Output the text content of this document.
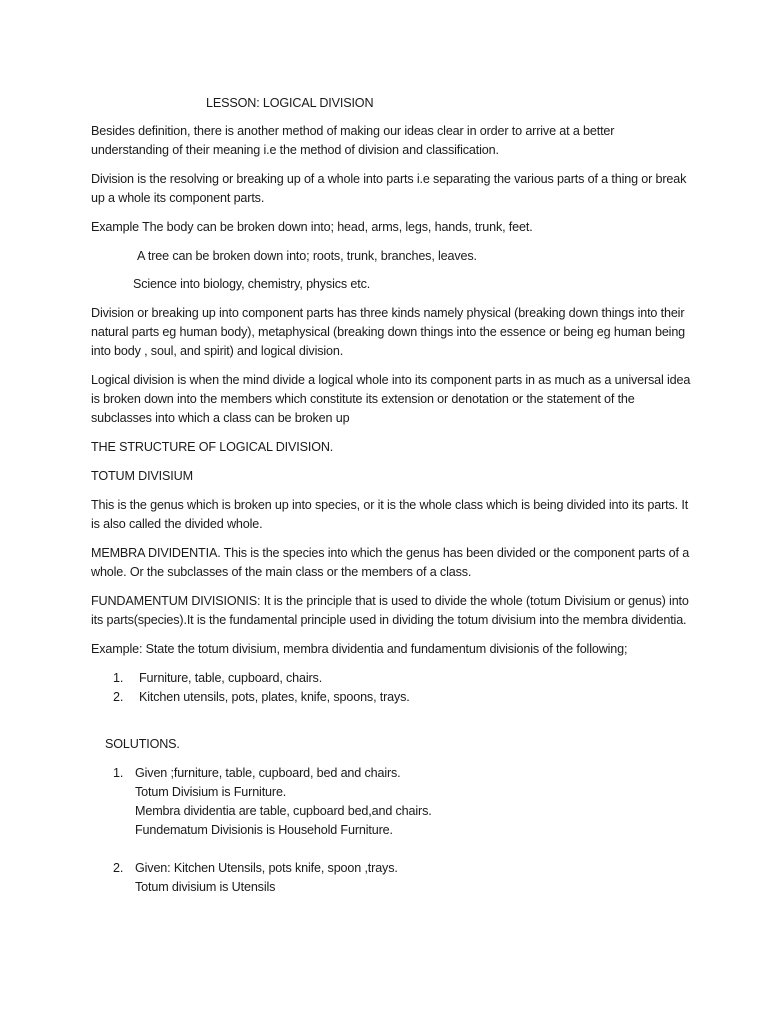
LESSON: LOGICAL DIVISION

Besides definition, there is another method of making our ideas clear in order to arrive at a better understanding of their meaning i.e the method of division and classification.

Division is the resolving or breaking up of a whole into parts i.e separating the various parts of a thing or break up a whole its component parts.

Example The body can be broken down into; head, arms, legs, hands, trunk, feet.

A tree can be broken down into; roots, trunk, branches, leaves.

Science into biology, chemistry, physics etc.

Division or breaking up into component parts has three kinds namely physical (breaking down things into their natural parts eg human body), metaphysical (breaking down things into the essence or being eg human being into body , soul, and spirit) and logical division.

Logical division is when the mind divide a logical whole into its component parts in as much as a universal idea is broken down into the members which constitute its extension or denotation or the statement of the subclasses into which a class can be broken up

THE STRUCTURE OF LOGICAL DIVISION.

TOTUM DIVISIUM

This is the genus which is broken up into species, or it is the whole class which is being divided into its parts. It is also called the divided whole.

MEMBRA DIVIDENTIA. This is the species into which the genus has been divided or the component parts of a whole. Or the subclasses of the main class or the members of a class.

FUNDAMENTUM DIVISIONIS: It is the principle that is used to divide the whole (totum Divisium or genus) into its parts(species).It is the fundamental principle used in dividing the totum divisium into the membra dividentia.

Example: State the totum divisium, membra dividentia and fundamentum divisionis of the following;

1. Furniture, table, cupboard, chairs.
2. Kitchen utensils, pots, plates, knife, spoons, trays.
SOLUTIONS.
1. Given ;furniture, table, cupboard, bed and chairs.
Totum Divisium is Furniture.
Membra dividentia are table, cupboard bed,and chairs.
Fundematum Divisionis is Household Furniture.
2. Given: Kitchen Utensils, pots knife, spoon ,trays.
Totum divisium is Utensils
